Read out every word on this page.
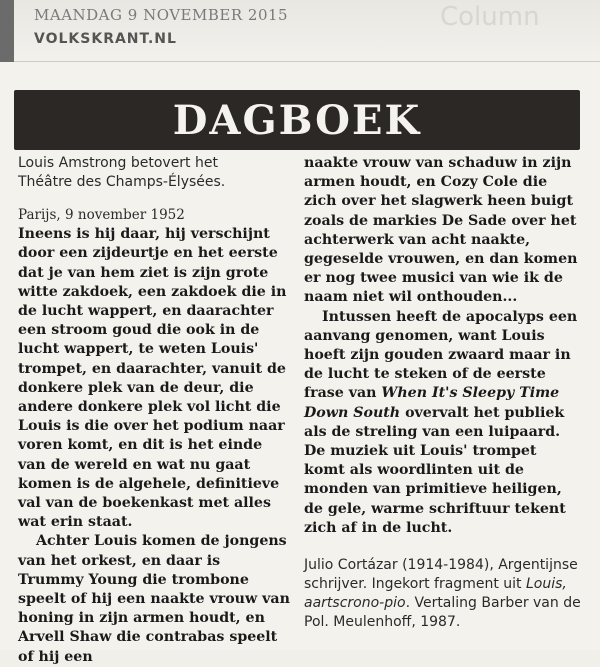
MAANDAG 9 NOVEMBER 2015
VOLKSKRANT.NL
Column
DAGBOEK
Louis Amstrong betovert het Théâtre des Champs-Élysées.
Parijs, 9 november 1952

Ineens is hij daar, hij verschijnt door een zijdeurtje en het eerste dat je van hem ziet is zijn grote witte zakdoek, een zakdoek die in de lucht wappert, en daarachter een stroom goud die ook in de lucht wappert, te weten Louis' trompet, en daarachter, vanuit de donkere plek van de deur, die andere donkere plek vol licht die Louis is die over het podium naar voren komt, en dit is het einde van de wereld en wat nu gaat komen is de algehele, definitieve val van de boekenkast met alles wat erin staat.

Achter Louis komen de jongens van het orkest, en daar is Trummy Young die trombone speelt of hij een naakte vrouw van honing in zijn armen houdt, en Arvell Shaw die contrabas speelt of hij een

naakte vrouw van schaduw in zijn armen houdt, en Cozy Cole die zich over het slagwerk heen buigt zoals de markies De Sade over het achterwerk van acht naakte, gegeselde vrouwen, en dan komen er nog twee musici van wie ik de naam niet wil onthouden...

Intussen heeft de apocalyps een aanvang genomen, want Louis hoeft zijn gouden zwaard maar in de lucht te steken of de eerste frase van When It's Sleepy Time Down South overvalt het publiek als de streling van een luipaard. De muziek uit Louis' trompet komt als woordlinten uit de monden van primitieve heiligen, de gele, warme schriftuur tekent zich af in de lucht.

Julio Cortázar (1914-1984), Argentijnse schrijver. Ingekort fragment uit Louis, aartscrono-pio. Vertaling Barber van de Pol. Meulenhoff, 1987.
